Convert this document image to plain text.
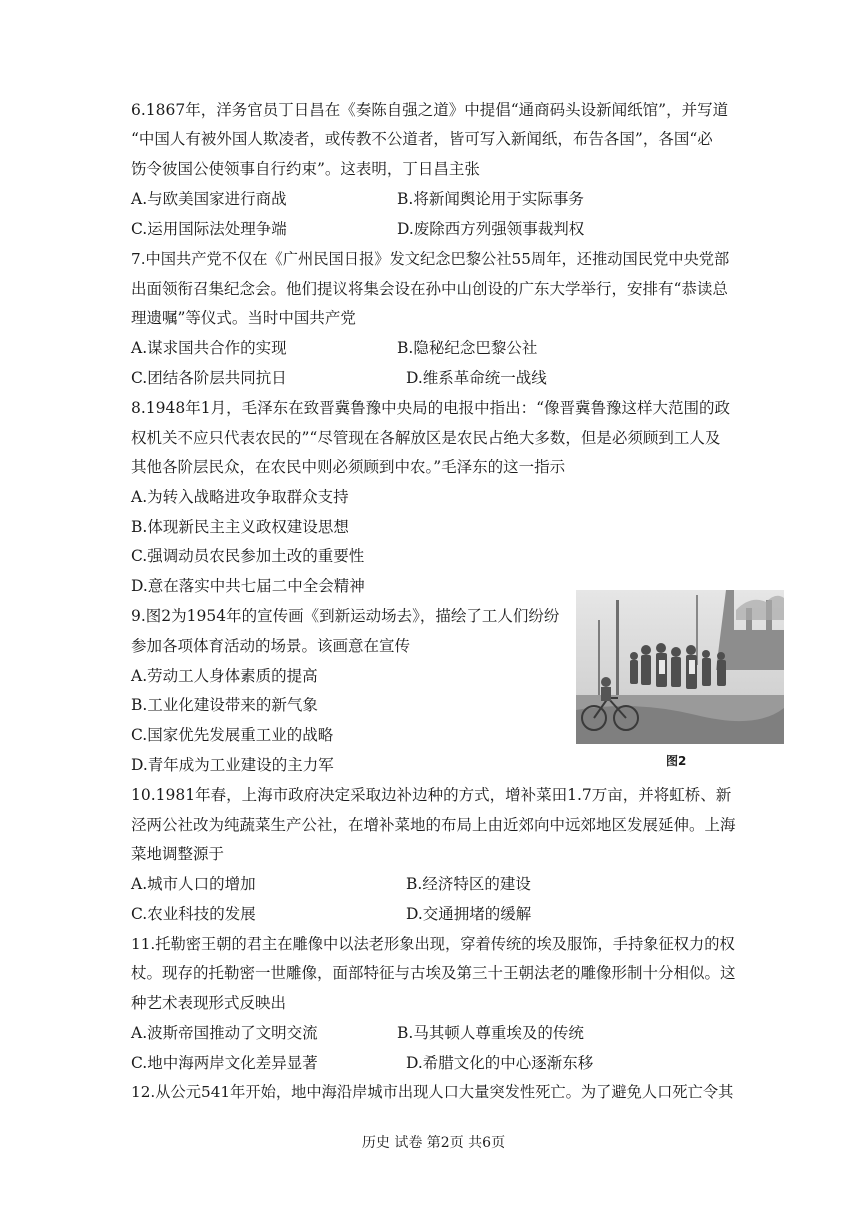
6.1867年，洋务官员丁日昌在《奏陈自强之道》中提倡“通商码头设新闻纸馆”，并写道
“中国人有被外国人欺凌者，或传教不公道者，皆可写入新闻纸，布告各国”，各国“必
饬令彼国公使领事自行约束”。这表明，丁日昌主张
A.与欧美国家进行商战	B.将新闻舆论用于实际事务
C.运用国际法处理争端	D.废除西方列强领事裁判权
7.中国共产党不仅在《广州民国日报》发文纪念巴黎公社55周年，还推动国民党中央党部
出面领衔召集纪念会。他们提议将集会设在孙中山创设的广东大学举行，安排有“恭读总
理遗嘱”等仪式。当时中国共产党
A.谋求国共合作的实现	B.隐秘纪念巴黎公社
C.团结各阶层共同抗日	D.维系革命统一战线
8.1948年1月，毛泽东在致晋冀鲁豫中央局的电报中指出：“像晋冀鲁豫这样大范围的政
权机关不应只代表农民的”“尽管现在各解放区是农民占绝大多数，但是必须顾到工人及
其他各阶层民众，在农民中则必须顾到中农。”毛泽东的这一指示
A.为转入战略进攻争取群众支持
B.体现新民主主义政权建设思想
C.强调动员农民参加土改的重要性
D.意在落实中共七届二中全会精神
9.图2为1954年的宣传画《到新运动场去》，描绘了工人们纷纷
参加各项体育活动的场景。该画意在宣传
A.劳动工人身体素质的提高
B.工业化建设带来的新气象
C.国家优先发展重工业的战略
D.青年成为工业建设的主力军	图2
10.1981年春，上海市政府决定采取边补边种的方式，增补菜田1.7万亩，并将虹桥、新
泾两公社改为纯蔬菜生产公社，在增补菜地的布局上由近郊向中远郊地区发展延伸。上海
菜地调整源于
A.城市人口的增加	B.经济特区的建设
C.农业科技的发展	D.交通拥堵的缓解
11.托勒密王朝的君主在雕像中以法老形象出现，穿着传统的埃及服饰，手持象征权力的权
杖。现存的托勒密一世雕像，面部特征与古埃及第三十王朝法老的雕像形制十分相似。这
种艺术表现形式反映出
A.波斯帝国推动了文明交流	B.马其顿人尊重埃及的传统
C.地中海两岸文化差异显著	D.希腊文化的中心逐渐东移
12.从公元541年开始，地中海沿岸城市出现人口大量突发性死亡。为了避免人口死亡令其
历史 试卷 第2页 共6页
